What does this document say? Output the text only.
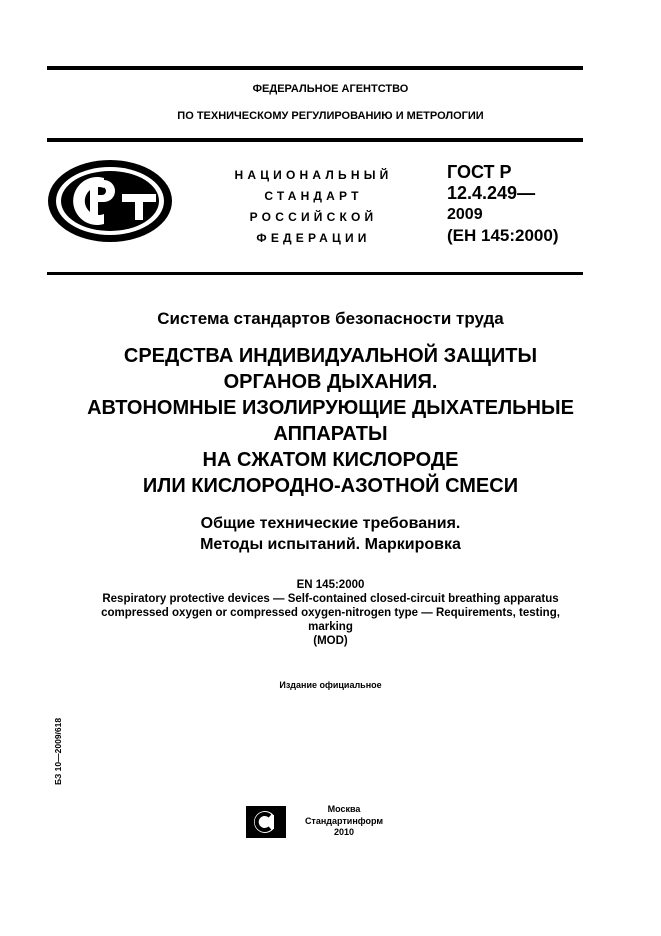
ФЕДЕРАЛЬНОЕ АГЕНТСТВО
ПО ТЕХНИЧЕСКОМУ РЕГУЛИРОВАНИЮ И МЕТРОЛОГИИ
НАЦИОНАЛЬНЫЙ
СТАНДАРТ
РОССИЙСКОЙ
ФЕДЕРАЦИИ
ГОСТ Р
12.4.249—
2009
(ЕН 145:2000)
Система стандартов безопасности труда
СРЕДСТВА ИНДИВИДУАЛЬНОЙ ЗАЩИТЫ
ОРГАНОВ ДЫХАНИЯ.
АВТОНОМНЫЕ ИЗОЛИРУЮЩИЕ ДЫХАТЕЛЬНЫЕ
АППАРАТЫ
НА СЖАТОМ КИСЛОРОДЕ
ИЛИ КИСЛОРОДНО-АЗОТНОЙ СМЕСИ
Общие технические требования.
Методы испытаний. Маркировка
EN 145:2000
Respiratory protective devices — Self-contained closed-circuit breathing apparatus
compressed oxygen or compressed oxygen-nitrogen type — Requirements, testing,
marking
(MOD)
Издание официальное
БЗ 10—2009/618
Москва
Стандартинформ
2010
